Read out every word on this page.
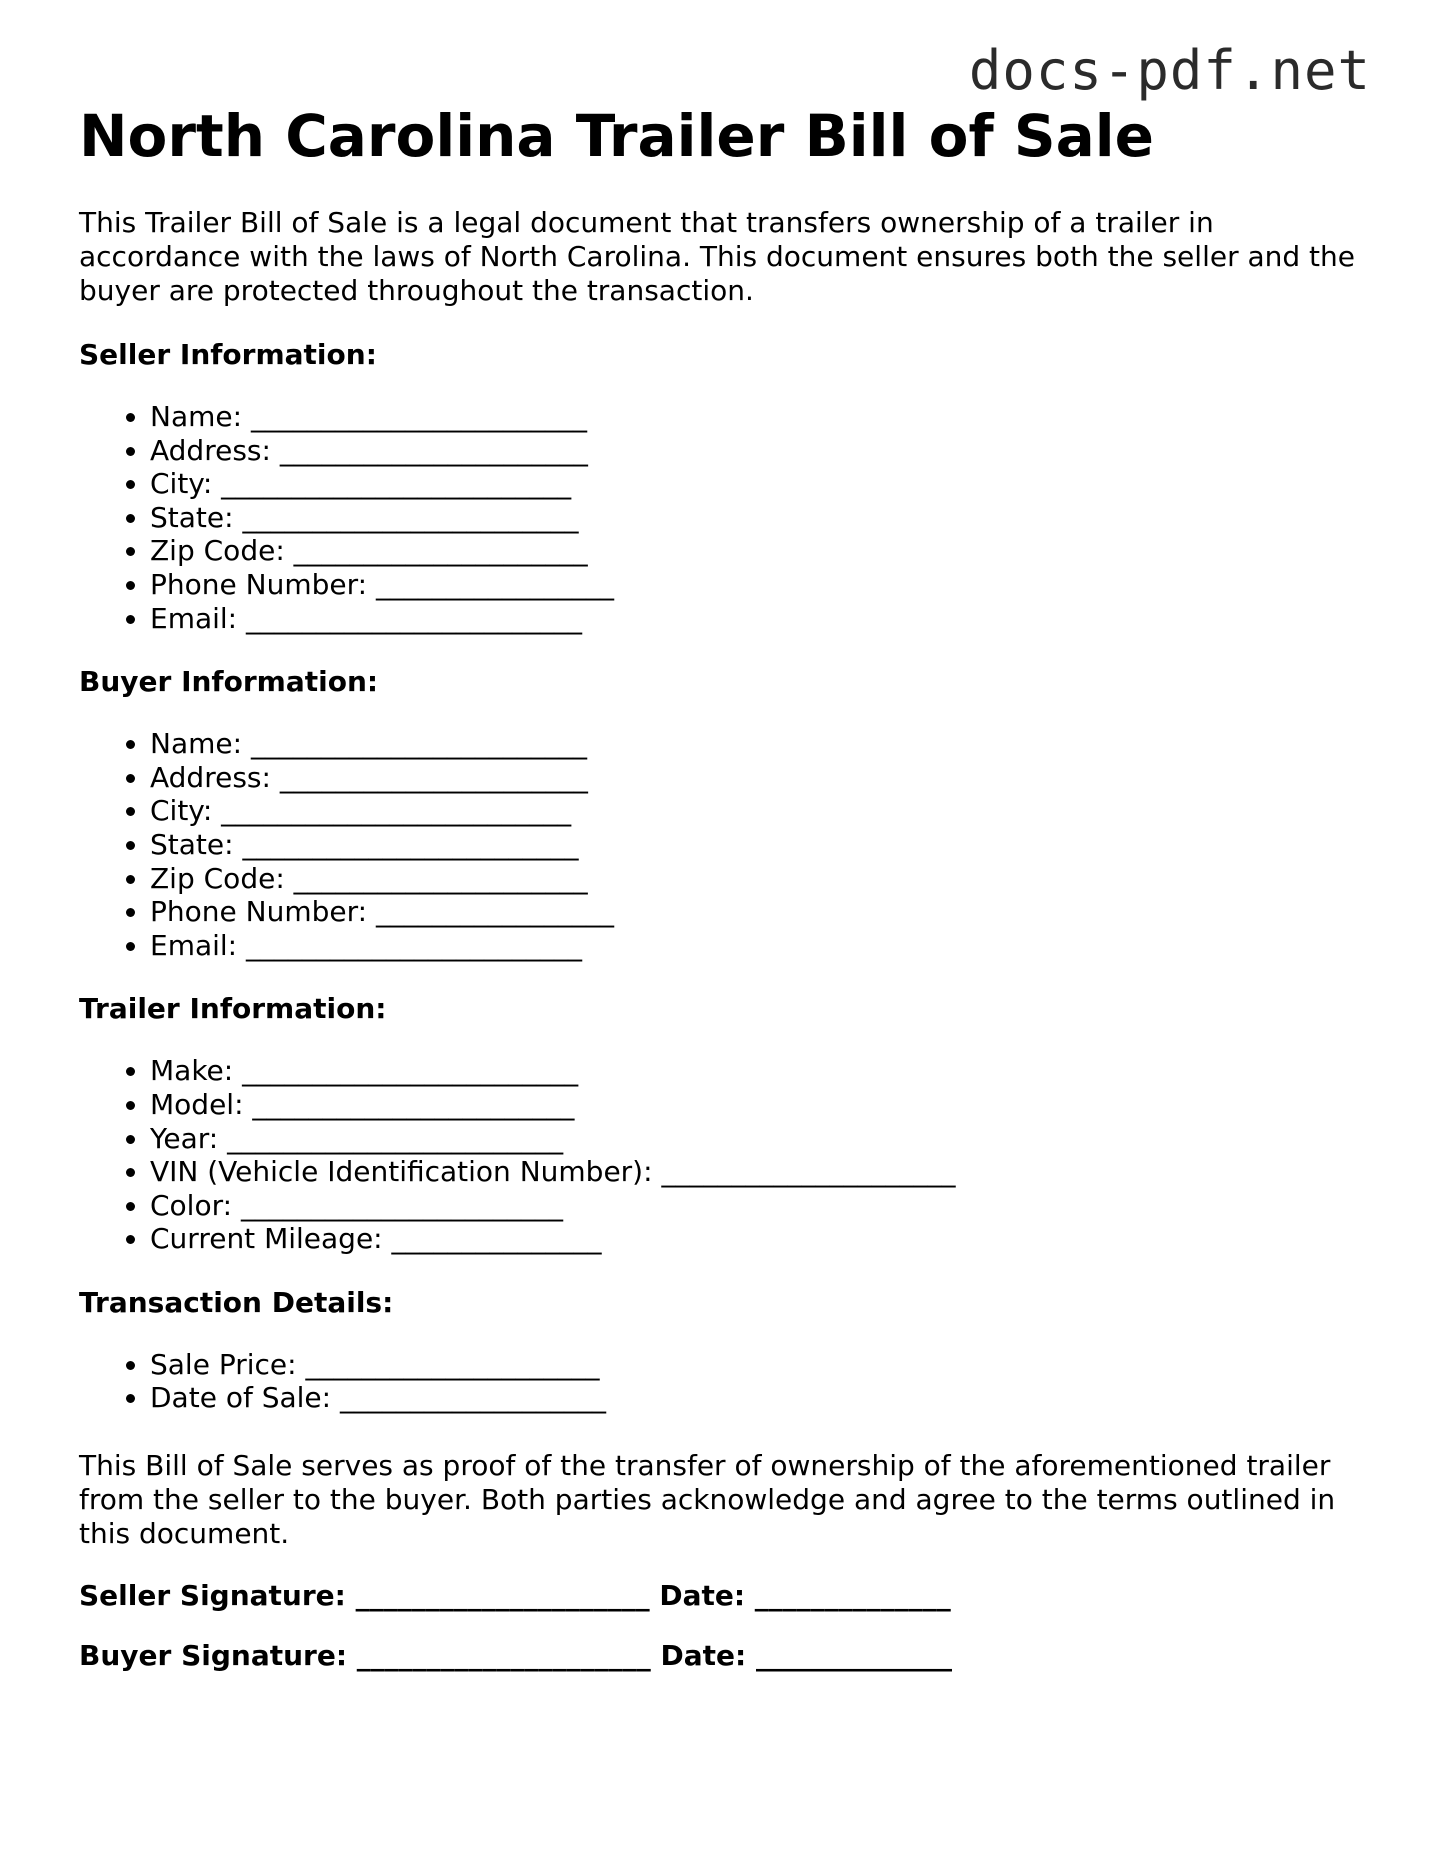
docs-pdf.net
North Carolina Trailer Bill of Sale

This Trailer Bill of Sale is a legal document that transfers ownership of a trailer in accordance with the laws of North Carolina. This document ensures both the seller and the buyer are protected throughout the transaction.

Seller Information:
• Name: ________________________
• Address: ______________________
• City: _________________________
• State: ________________________
• Zip Code: _____________________
• Phone Number: _________________
• Email: ________________________
Buyer Information:
• Name: ________________________
• Address: ______________________
• City: _________________________
• State: ________________________
• Zip Code: _____________________
• Phone Number: _________________
• Email: ________________________
Trailer Information:
• Make: ________________________
• Model: _______________________
• Year: ________________________
• VIN (Vehicle Identification Number): _____________________
• Color: _______________________
• Current Mileage: _______________
Transaction Details:
• Sale Price: _____________________
• Date of Sale: ___________________

This Bill of Sale serves as proof of the transfer of ownership of the aforementioned trailer from the seller to the buyer. Both parties acknowledge and agree to the terms outlined in this document.

Seller Signature: _____________________ Date: ______________
Buyer Signature: _____________________ Date: ______________
